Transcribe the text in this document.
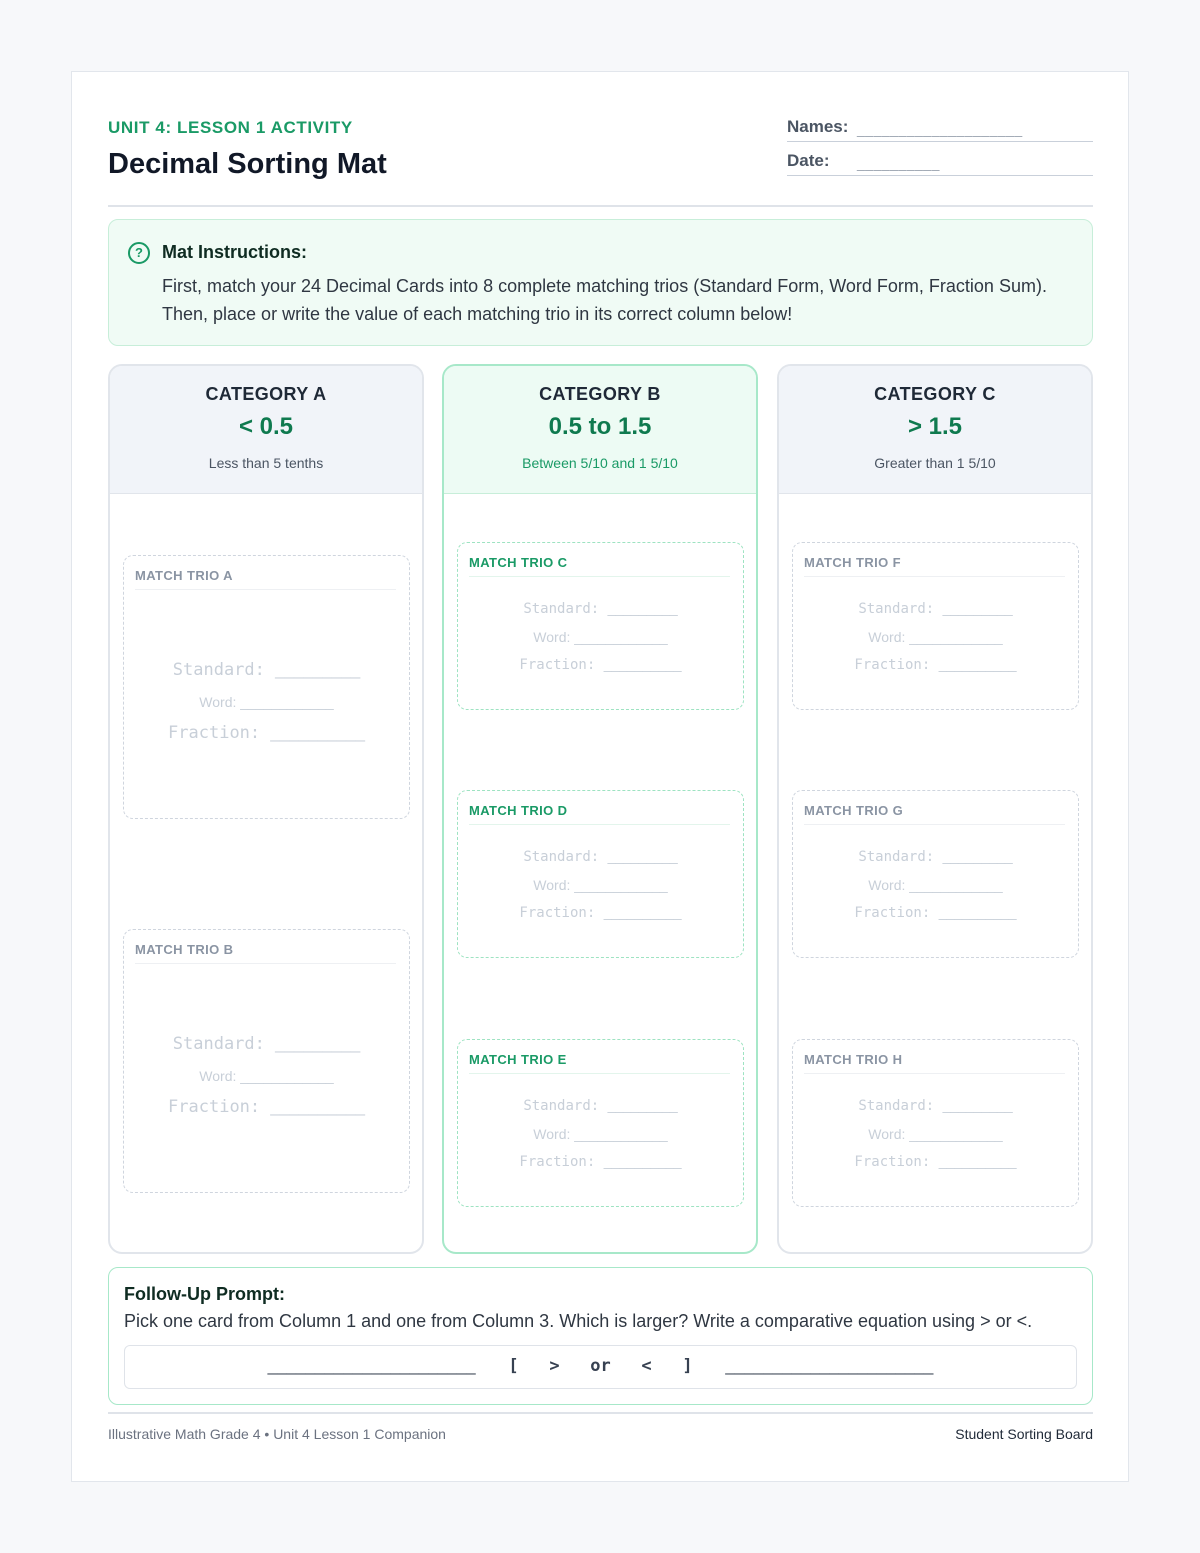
UNIT 4: LESSON 1 ACTIVITY
Decimal Sorting Mat
Names: ____________________
Date:	__________
?	Mat Instructions:
First, match your 24 Decimal Cards into 8 complete matching trios (Standard Form, Word Form, Fraction Sum). Then, place or write the value of each matching trio in its correct column below!
CATEGORY A
< 0.5
Less than 5 tenths
MATCH TRIO A
Standard: _________
Word: ____________
Fraction: __________
MATCH TRIO B
Standard: _________
Word: ____________
Fraction: __________
CATEGORY B
0.5 to 1.5
Between 5/10 and 1 5/10
MATCH TRIO C
Standard: _________
Word: ____________
Fraction: __________
MATCH TRIO D
Standard: _________
Word: ____________
Fraction: __________
MATCH TRIO E
Standard: _________
Word: ____________
Fraction: __________
CATEGORY C
> 1.5
Greater than 1 5/10
MATCH TRIO F
Standard: _________
Word: ____________
Fraction: __________
MATCH TRIO G
Standard: _________
Word: ____________
Fraction: __________
MATCH TRIO H
Standard: _________
Word: ____________
Fraction: __________
Follow-Up Prompt:
Pick one card from Column 1 and one from Column 3. Which is larger? Write a comparative equation using > or <.
______________________ [   >   or   <   ] ______________________
Illustrative Math Grade 4 • Unit 4 Lesson 1 Companion	Student Sorting Board
